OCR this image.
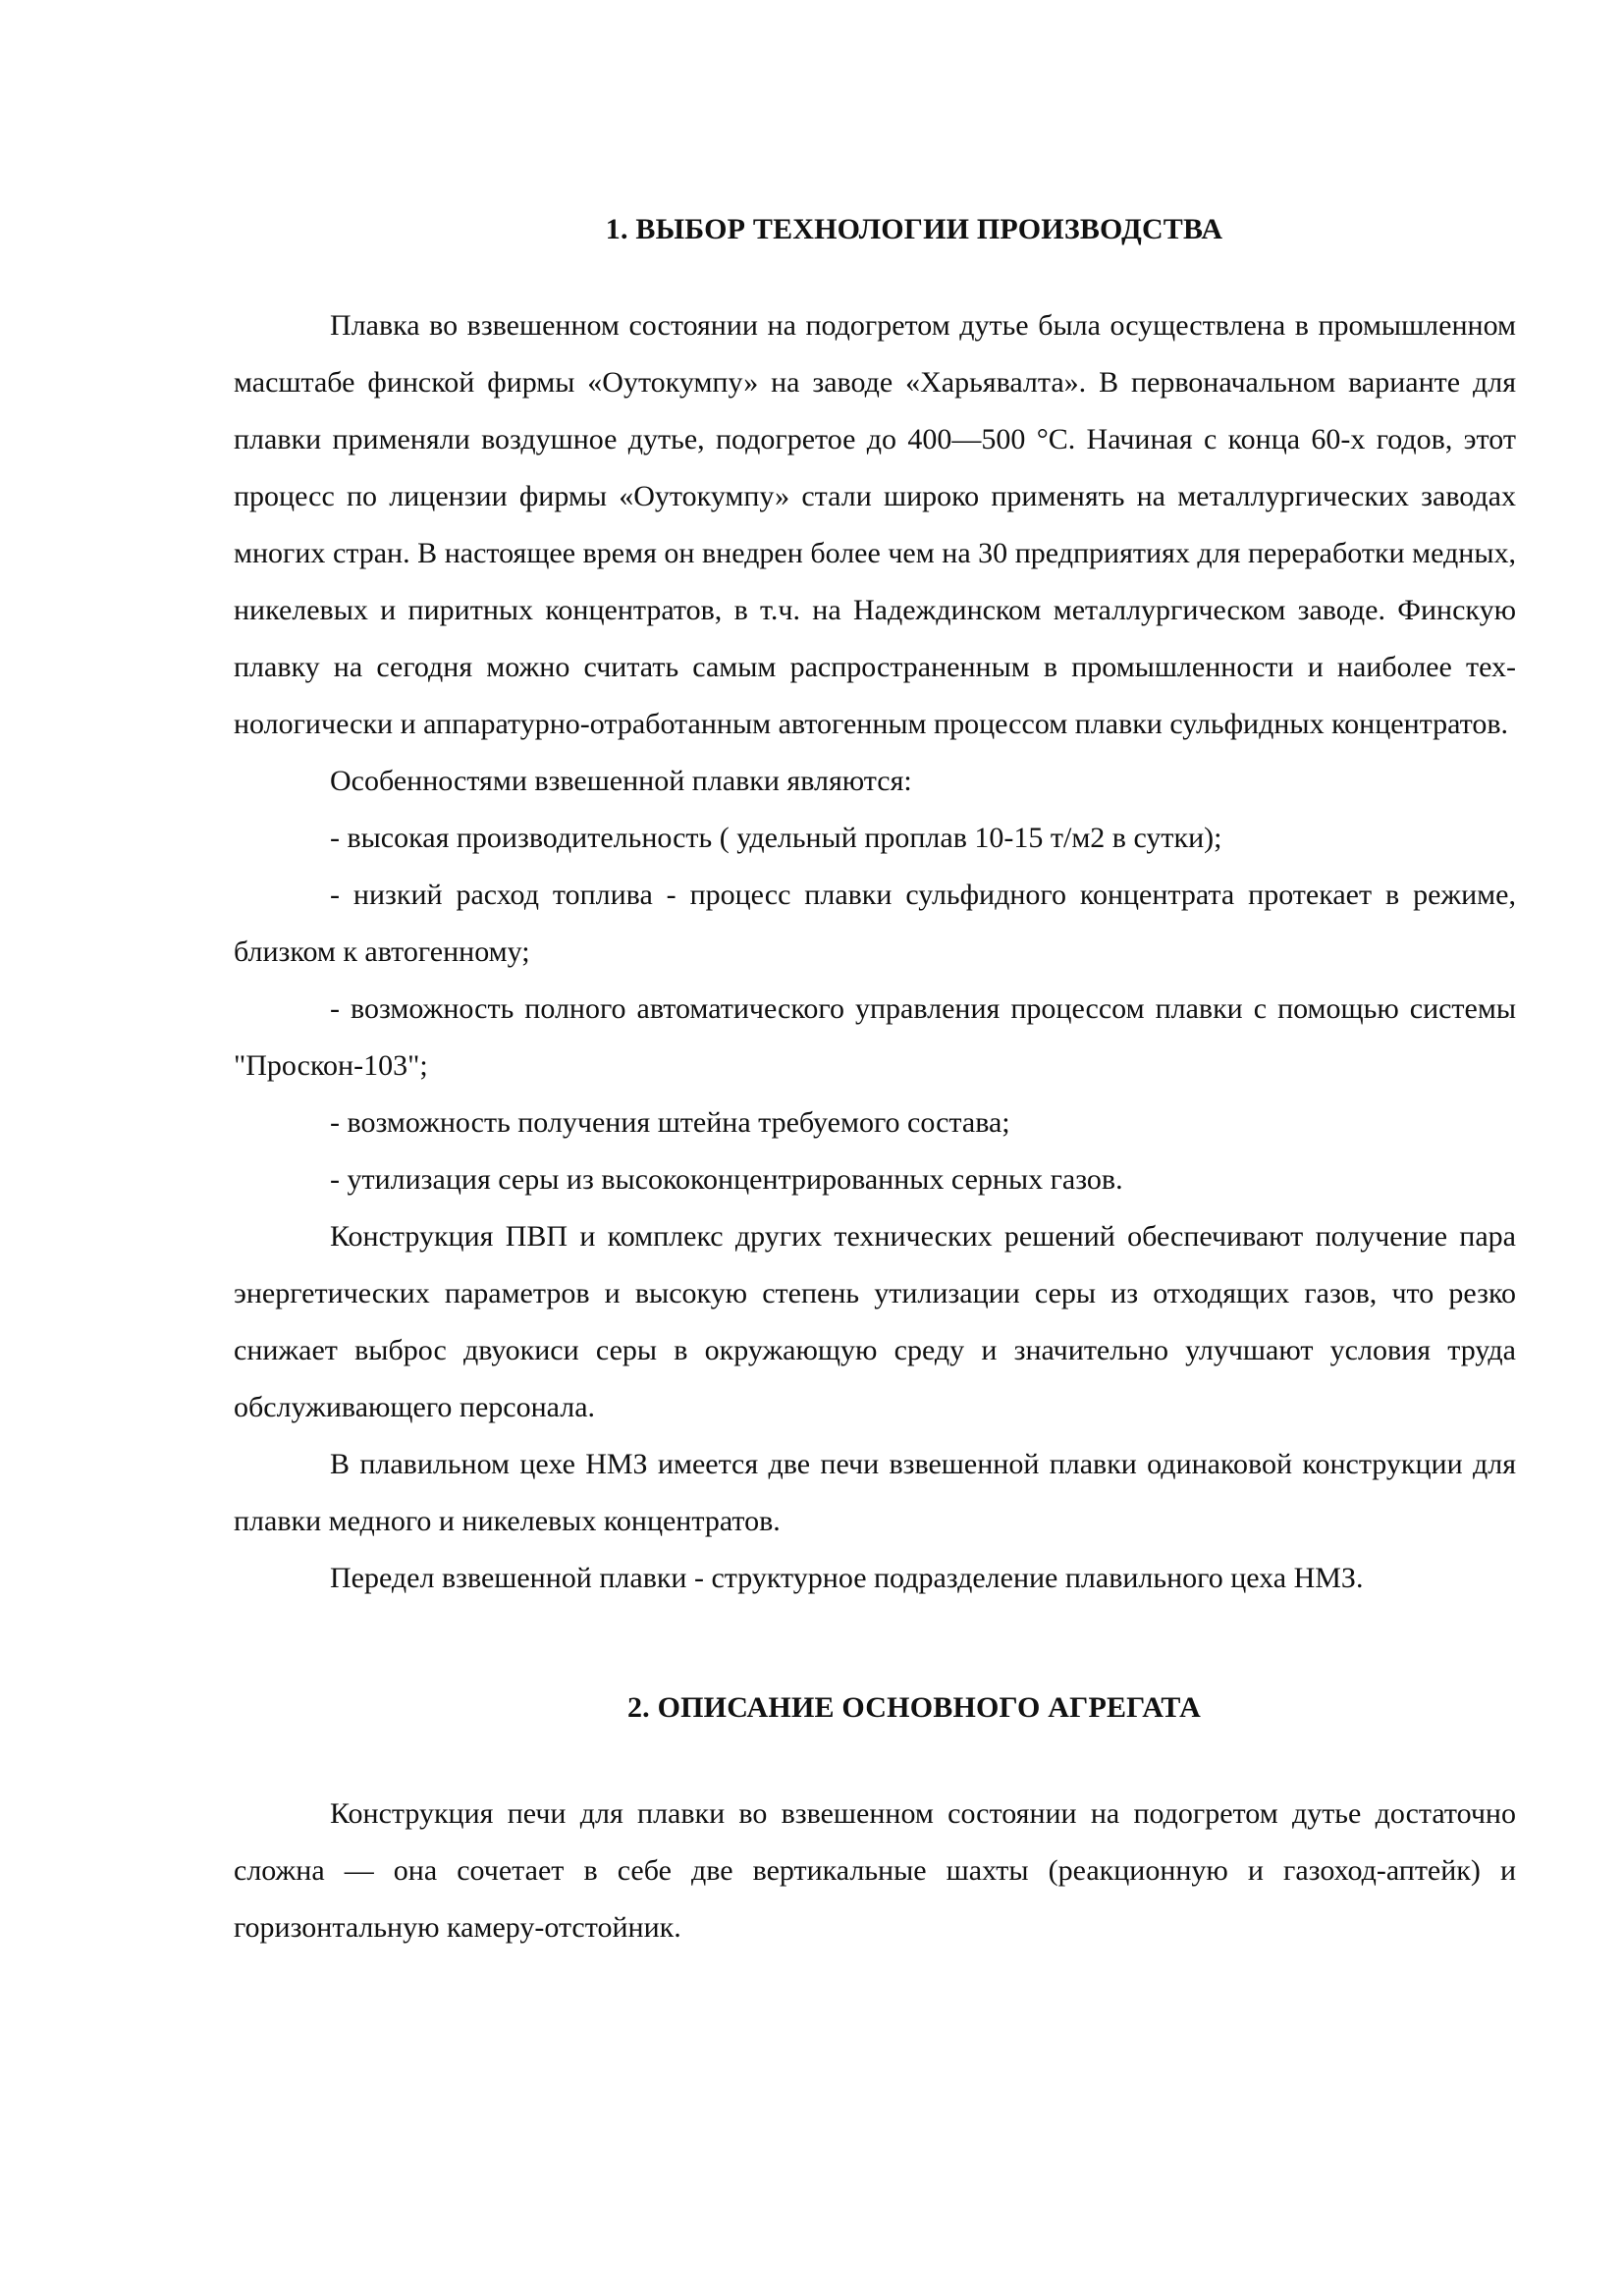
1. ВЫБОР ТЕХНОЛОГИИ ПРОИЗВОДСТВА

Плавка во взвешенном состоянии на подогретом дутье была осуществлена в промышленном масштабе финской фирмы «Оутокумпу» на заводе «Харьявалта». В первоначальном варианте для плавки применяли воздушное дутье, подогретое до 400—500 °С. Начиная с конца 60-х годов, этот процесс по лицензии фирмы «Оутокумпу» стали широко применять на металлургических заводах многих стран. В настоящее время он внедрен более чем на 30 предприятиях для переработки медных, никелевых и пиритных концентратов, в т.ч. на Надеждинском металлургическом заводе. Финскую плавку на сегодня можно считать самым распространенным в промышленности и наиболее технологически и аппаратурно-отработанным автогенным процессом плавки сульфидных концентратов.

Особенностями взвешенной плавки являются:

- высокая производительность ( удельный проплав 10-15 т/м2 в сутки);

- низкий расход топлива - процесс плавки сульфидного концентрата протекает в режиме, близком к автогенному;

- возможность полного автоматического управления процессом плавки с помощью системы "Проскон-103";

- возможность получения штейна требуемого состава;

- утилизация серы из высококонцентрированных серных газов.

Конструкция ПВП и комплекс других технических решений обеспечивают получение пара энергетических параметров и высокую степень утилизации серы из отходящих газов, что резко снижает выброс двуокиси серы в окружающую среду и значительно улучшают условия труда обслуживающего персонала.

В плавильном цехе НМЗ имеется две печи взвешенной плавки одинаковой конструкции для плавки медного и никелевых концентратов.

Передел взвешенной плавки - структурное подразделение плавильного цеха НМЗ.

2. ОПИСАНИЕ ОСНОВНОГО АГРЕГАТА

Конструкция печи для плавки во взвешенном состоянии на подогретом дутье достаточно сложна — она сочетает в себе две вертикальные шахты (реакционную и газоход-аптейк) и горизонтальную камеру-отстойник.
